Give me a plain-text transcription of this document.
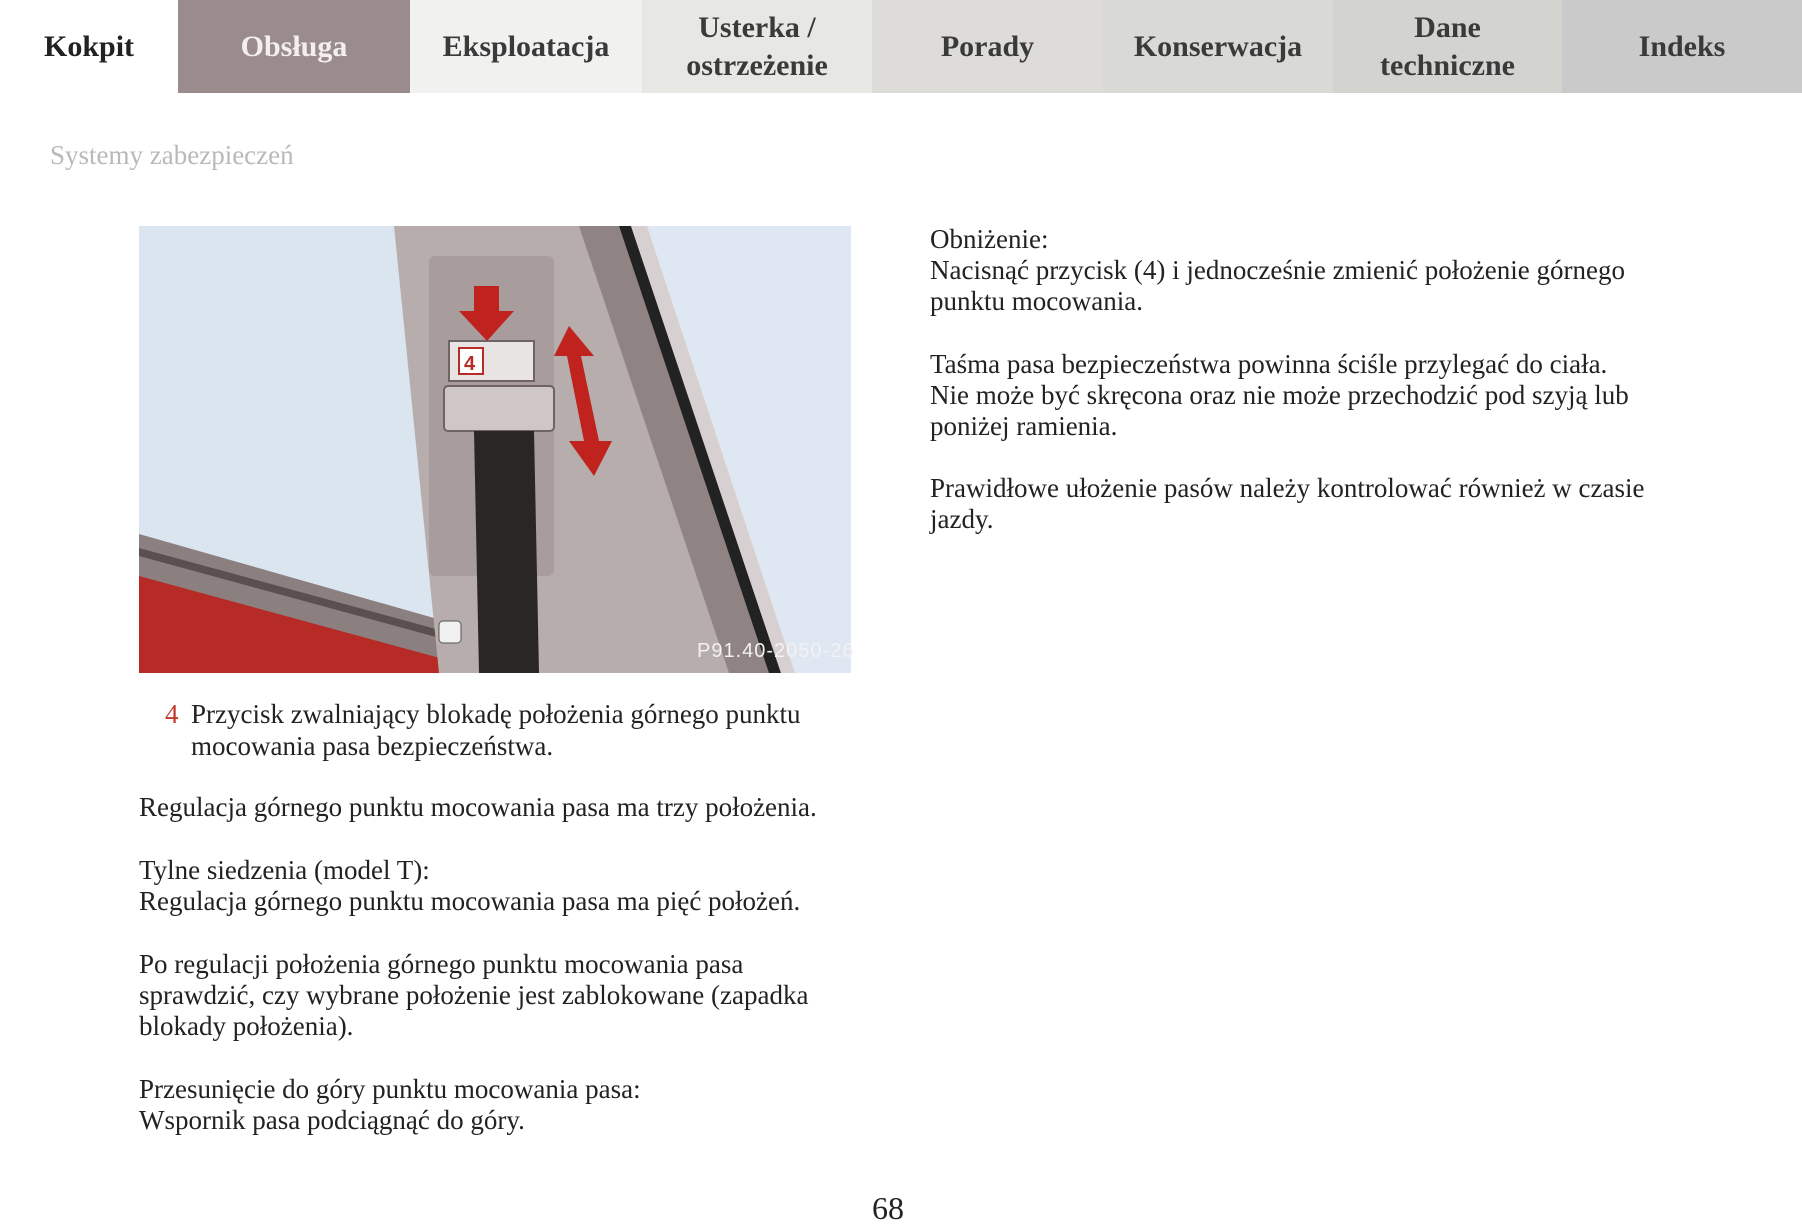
Kokpit	Obsługa	Eksploatacja
Usterka / ostrzeżenie
Porady	Konserwacja
Dane techniczne
Indeks
Systemy zabezpieczeń
4
P91.40-2050-26
4 Przycisk zwalniający blokadę położenia górnego punktu mocowania pasa bezpieczeństwa.

Regulacja górnego punktu mocowania pasa ma trzy położenia.

Tylne siedzenia (model T):

Regulacja górnego punktu mocowania pasa ma pięć położeń.

Po regulacji położenia górnego punktu mocowania pasa sprawdzić, czy wybrane położenie jest zablokowane (zapadka blokady położenia).

Przesunięcie do góry punktu mocowania pasa:

Wspornik pasa podciągnąć do góry.

Obniżenie:

Nacisnąć przycisk (4) i jednocześnie zmienić położenie górnego punktu mocowania.

Taśma pasa bezpieczeństwa powinna ściśle przylegać do ciała. Nie może być skręcona oraz nie może przechodzić pod szyją lub poniżej ramienia.

Prawidłowe ułożenie pasów należy kontrolować również w czasie jazdy.

68
